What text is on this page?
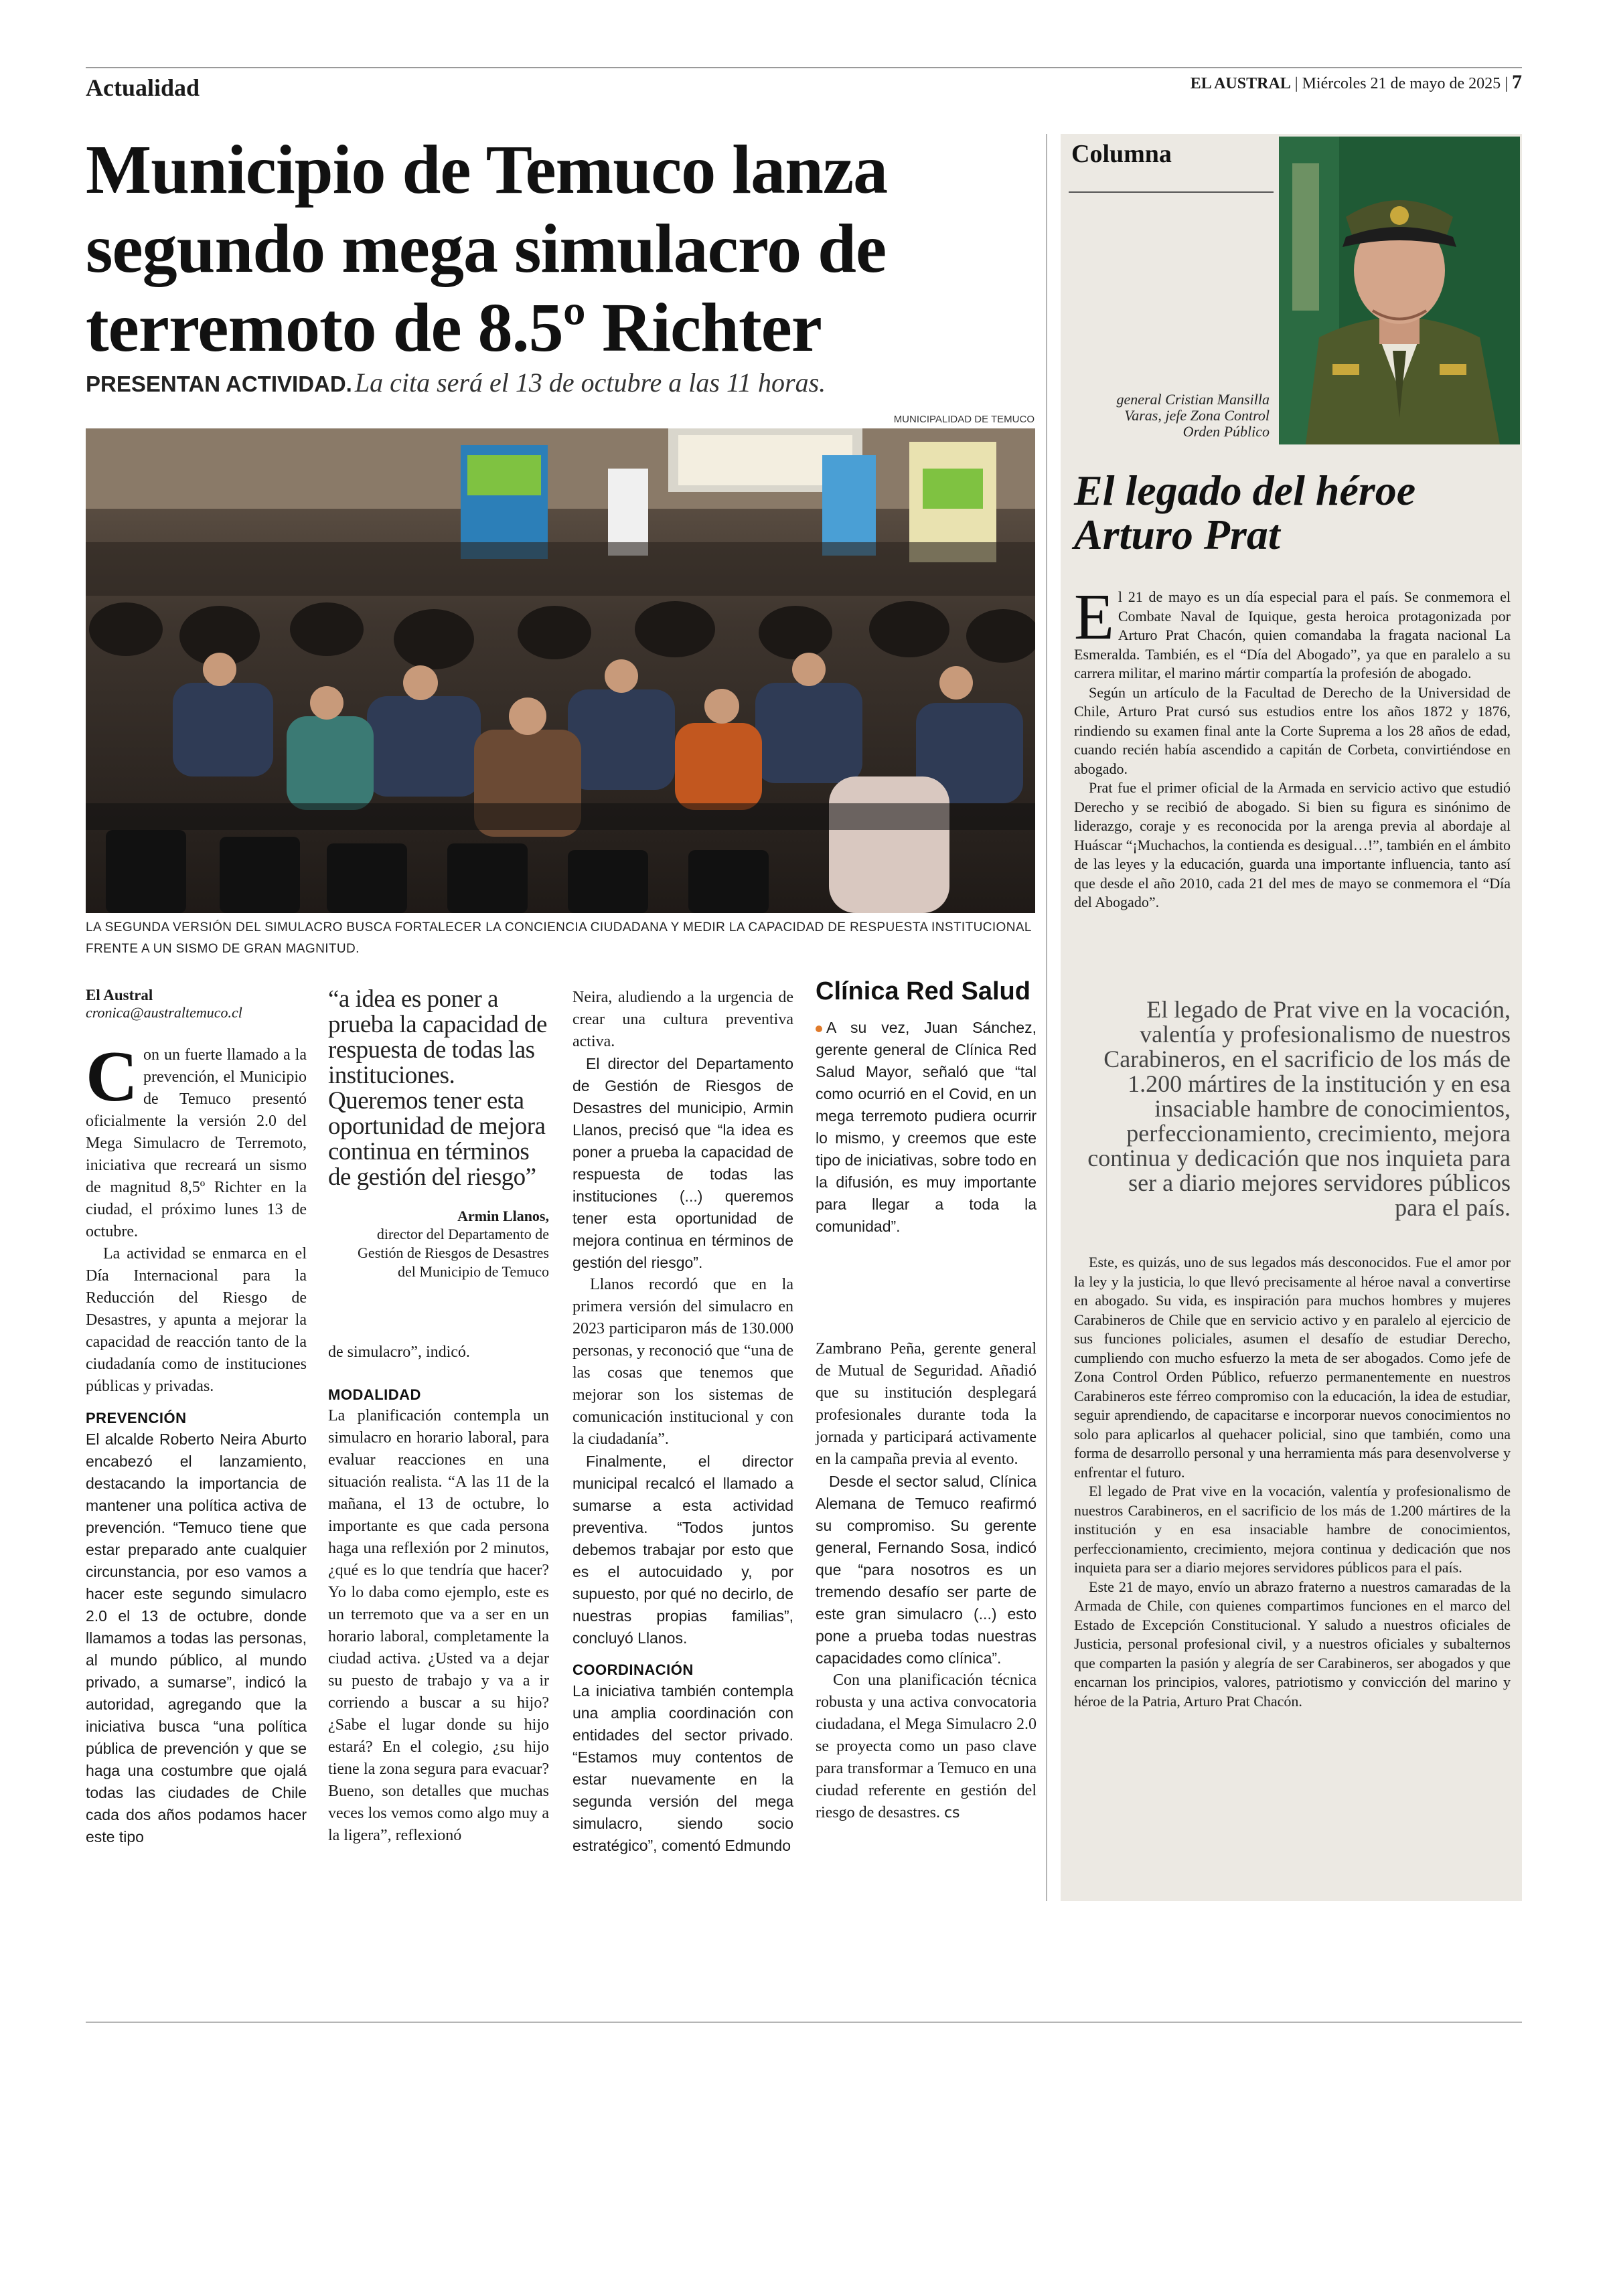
Actualidad	EL AUSTRAL | Miércoles 21 de mayo de 2025 | 7
Municipio de Temuco lanza
segundo mega simulacro de
terremoto de 8.5º Richter
PRESENTAN ACTIVIDAD. La cita será el 13 de octubre a las 11 horas.
MUNICIPALIDAD DE TEMUCO
LA SEGUNDA VERSIÓN DEL SIMULACRO BUSCA FORTALECER LA CONCIENCIA CIUDADANA Y MEDIR LA CAPACIDAD DE RESPUESTA INSTITUCIONAL FRENTE A UN SISMO DE GRAN MAGNITUD.
El Austral
cronica@australtemuco.cl

Con un fuerte llamado a la prevención, el Municipio de Temuco presentó oficialmente la versión 2.0 del Mega Simulacro de Terremoto, iniciativa que recreará un sismo de magnitud 8,5º Richter en la ciudad, el próximo lunes 13 de octubre.

La actividad se enmarca en el Día Internacional para la Reducción del Riesgo de Desastres, y apunta a mejorar la capacidad de reacción tanto de la ciudadanía como de instituciones públicas y privadas.

PREVENCIÓN

El alcalde Roberto Neira Aburto encabezó el lanzamiento, destacando la importancia de mantener una política activa de prevención. “Temuco tiene que estar preparado ante cualquier circunstancia, por eso vamos a hacer este segundo simulacro 2.0 el 13 de octubre, donde llamamos a todas las personas, al mundo público, al mundo privado, a sumarse”, indicó la autoridad, agregando que la iniciativa busca “una política pública de prevención y que se haga una costumbre que ojalá todas las ciudades de Chile cada dos años podamos hacer este tipo

“a idea es poner a prueba la capacidad de respuesta de todas las instituciones. Queremos tener esta oportunidad de mejora continua en términos de gestión del riesgo”
Armin Llanos,
director del Departamento de
Gestión de Riesgos de Desastres
del Municipio de Temuco

de simulacro”, indicó.

MODALIDAD

La planificación contempla un simulacro en horario laboral, para evaluar reacciones en una situación realista. “A las 11 de la mañana, el 13 de octubre, lo importante es que cada persona haga una reflexión por 2 minutos, ¿qué es lo que tendría que hacer? Yo lo daba como ejemplo, este es un terremoto que va a ser en un horario laboral, completamente la ciudad activa. ¿Usted va a dejar su puesto de trabajo y va a ir corriendo a buscar a su hijo? ¿Sabe el lugar donde su hijo estará? En el colegio, ¿su hijo tiene la zona segura para evacuar? Bueno, son detalles que muchas veces los vemos como algo muy a la ligera”, reflexionó

Neira, aludiendo a la urgencia de crear una cultura preventiva activa.

El director del Departamento de Gestión de Riesgos de Desastres del municipio, Armin Llanos, precisó que “la idea es poner a prueba la capacidad de respuesta de todas las instituciones (...) queremos tener esta oportunidad de mejora continua en términos de gestión del riesgo”.

Llanos recordó que en la primera versión del simulacro en 2023 participaron más de 130.000 personas, y reconoció que “una de las cosas que tenemos que mejorar son los sistemas de comunicación institucional y con la ciudadanía”.

Finalmente, el director municipal recalcó el llamado a sumarse a esta actividad preventiva. “Todos juntos debemos trabajar por esto que es el autocuidado y, por supuesto, por qué no decirlo, de nuestras propias familias”, concluyó Llanos.

COORDINACIÓN

La iniciativa también contempla una amplia coordinación con entidades del sector privado. “Estamos muy contentos de estar nuevamente en la segunda versión del mega simulacro, siendo socio estratégico”, comentó Edmundo

Clínica Red Salud

A su vez, Juan Sánchez, gerente general de Clínica Red Salud Mayor, señaló que “tal como ocurrió en el Covid, en un mega terremoto pudiera ocurrir lo mismo, y creemos que este tipo de iniciativas, sobre todo en la difusión, es muy importante para llegar a toda la comunidad”.

Zambrano Peña, gerente general de Mutual de Seguridad. Añadió que su institución desplegará profesionales durante toda la jornada y participará activamente en la campaña previa al evento.

Desde el sector salud, Clínica Alemana de Temuco reafirmó su compromiso. Su gerente general, Fernando Sosa, indicó que “para nosotros es un tremendo desafío ser parte de este gran simulacro (...) esto pone a prueba todas nuestras capacidades como clínica”.

Con una planificación técnica robusta y una activa convocatoria ciudadana, el Mega Simulacro 2.0 se proyecta como un paso clave para transformar a Temuco en una ciudad referente en gestión del riesgo de desastres. cs

Columna
general Cristian Mansilla
Varas, jefe Zona Control
Orden Público
El legado del héroe
Arturo Prat

El 21 de mayo es un día especial para el país. Se conmemora el Combate Naval de Iquique, gesta heroica protagonizada por Arturo Prat Chacón, quien comandaba la fragata nacional La Esmeralda. También, es el “Día del Abogado”, ya que en paralelo a su carrera militar, el marino mártir compartía la profesión de abogado.

Según un artículo de la Facultad de Derecho de la Universidad de Chile, Arturo Prat cursó sus estudios entre los años 1872 y 1876, rindiendo su examen final ante la Corte Suprema a los 28 años de edad, cuando recién había ascendido a capitán de Corbeta, convirtiéndose en abogado.

Prat fue el primer oficial de la Armada en servicio activo que estudió Derecho y se recibió de abogado. Si bien su figura es sinónimo de liderazgo, coraje y es reconocida por la arenga previa al abordaje al Huáscar “¡Muchachos, la contienda es desigual…!”, también en el ámbito de las leyes y la educación, guarda una importante influencia, tanto así que desde el año 2010, cada 21 del mes de mayo se conmemora el “Día del Abogado”.

El legado de Prat vive en la vocación, valentía y profesionalismo de nuestros Carabineros, en el sacrificio de los más de 1.200 mártires de la institución y en esa insaciable hambre de conocimientos, perfeccionamiento, crecimiento, mejora continua y dedicación que nos inquieta para ser a diario mejores servidores públicos para el país.

Este, es quizás, uno de sus legados más desconocidos. Fue el amor por la ley y la justicia, lo que llevó precisamente al héroe naval a convertirse en abogado. Su vida, es inspiración para muchos hombres y mujeres Carabineros de Chile que en servicio activo y en paralelo al ejercicio de sus funciones policiales, asumen el desafío de estudiar Derecho, cumpliendo con mucho esfuerzo la meta de ser abogados. Como jefe de Zona Control Orden Público, refuerzo permanentemente en nuestros Carabineros este férreo compromiso con la educación, la idea de estudiar, seguir aprendiendo, de capacitarse e incorporar nuevos conocimientos no solo para aplicarlos al quehacer policial, sino que también, como una forma de desarrollo personal y una herramienta más para desenvolverse y enfrentar el futuro.

El legado de Prat vive en la vocación, valentía y profesionalismo de nuestros Carabineros, en el sacrificio de los más de 1.200 mártires de la institución y en esa insaciable hambre de conocimientos, perfeccionamiento, crecimiento, mejora continua y dedicación que nos inquieta para ser a diario mejores servidores públicos para el país.

Este 21 de mayo, envío un abrazo fraterno a nuestros camaradas de la Armada de Chile, con quienes compartimos funciones en el marco del Estado de Excepción Constitucional. Y saludo a nuestros oficiales de Justicia, personal profesional civil, y a nuestros oficiales y subalternos que comparten la pasión y alegría de ser Carabineros, ser abogados y que encarnan los principios, valores, patriotismo y convicción del marino y héroe de la Patria, Arturo Prat Chacón.
